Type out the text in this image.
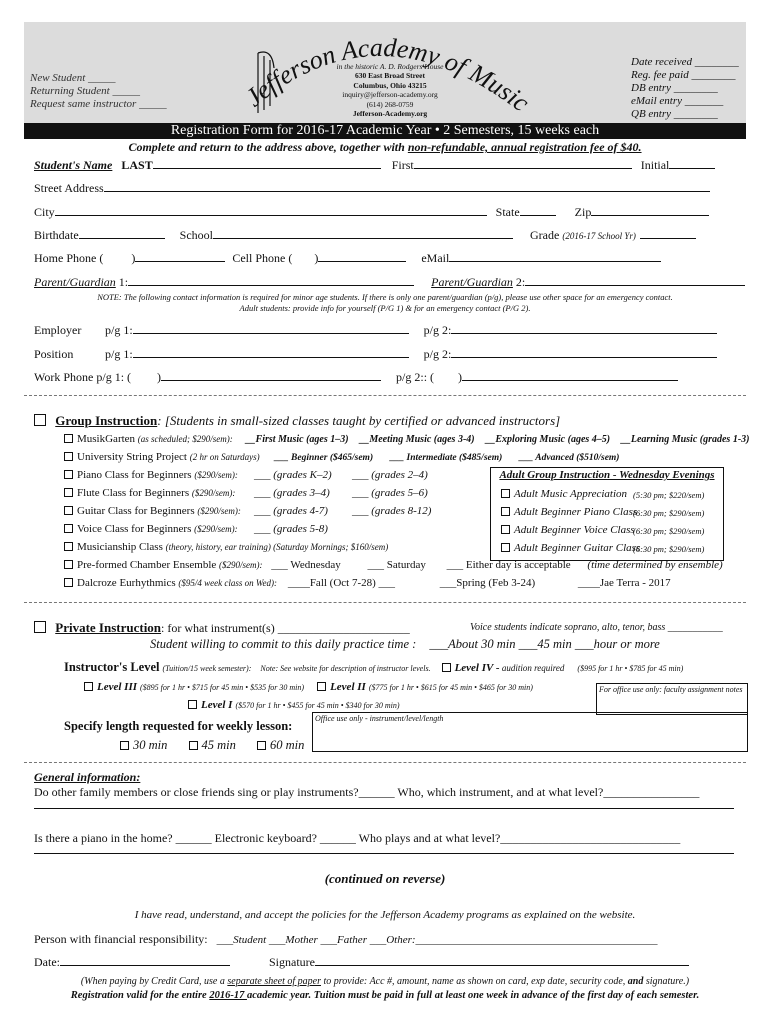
New Student _____
Returning Student _____
Request same instructor _____	Jefferson Academy of Music
in the historic A. D. Rodgers House
630 East Broad Street
Columbus, Ohio 43215
inquiry@jefferson-academy.org
(614) 268-0759
Jefferson-Academy.org
Date received ________
Reg. fee paid ________
DB entry ________
eMail entry _______
QB entry ________
Registration Form for 2016-17 Academic Year • 2 Semesters, 15 weeks each
Complete and return to the address above, together with non-refundable, annual registration fee of $40.
Student's Name LAST	First	Initial
Street Address
City	State	Zip
Birthdate	School	Grade (2016-17 School Yr)
Home Phone ( )	Cell Phone ( )	eMail
Parent/Guardian 1:	Parent/Guardian 2:
NOTE: The following contact information is required for minor age students. If there is only one parent/guardian (p/g), please use other space for an emergency contact.
Adult students: provide info for yourself (P/G 1) & for an emergency contact (P/G 2).
Employer p/g 1:	p/g 2:
Position	p/g 1:	p/g 2:
Work Phone p/g 1: ( )	p/g 2:: ( )
Group Instruction: [Students in small-sized classes taught by certified or advanced instructors]
MusikGarten (as scheduled; $290/sem): __First Music (ages 1–3) __Meeting Music (ages 3-4) __Exploring Music (ages 4–5) __Learning Music (grades 1-3)
University String Project (2 hr on Saturdays) ___ Beginner ($465/sem) ___ Intermediate ($485/sem) ___ Advanced ($510/sem)
Piano Class for Beginners ($290/sem): ___ (grades K–2) ___ (grades 2–4)
Flute Class for Beginners ($290/sem): ___ (grades 3–4) ___ (grades 5–6)
Guitar Class for Beginners ($290/sem): ___ (grades 4-7) ___ (grades 8-12)
Voice Class for Beginners ($290/sem): ___ (grades 5-8)
Musicianship Class (theory, history, ear training) (Saturday Mornings; $160/sem)
Pre-formed Chamber Ensemble ($290/sem): ___ Wednesday ___ Saturday ___ Either day is acceptable (time determined by ensemble)
Dalcroze Eurhythmics ($95/4 week class on Wed): ____Fall (Oct 7-28) ___	___Spring (Feb 3-24)	____Jae Terra - 2017
Adult Group Instruction - Wednesday Evenings
Adult Music Appreciation (5:30 pm; $220/sem)
Adult Beginner Piano Class
(6:30 pm; $290/sem)
Adult Beginner Voice Class
(6:30 pm; $290/sem)
Adult Beginner Guitar Class
(6:30 pm; $290/sem)
Private Instruction: for what instrument(s) ______________________	Voice students indicate soprano, alto, tenor, bass ___________
Student willing to commit to this daily practice time : ___About 30 min ___45 min ___hour or more
Instructor's Level (Tuition/15 week semester): Note: See website for description of instructor levels. Level IV - audition required ($995 for 1 hr • $785 for 45 min)
Level III ($895 for 1 hr • $715 for 45 min • $535 for 30 min) Level II ($775 for 1 hr • $615 for 45 min • $465 for 30 min)
Level I ($570 for 1 hr • $455 for 45 min • $340 for 30 min)
For office use only: faculty assignment notes
Office use only - instrument/level/length
Specify length requested for weekly lesson:
30 min	45 min	60 min
General information:
Do other family members or close friends sing or play instruments?______ Who, which instrument, and at what level?________________
Is there a piano in the home? ______ Electronic keyboard? ______ Who plays and at what level?______________________________
(continued on reverse)
I have read, understand, and accept the policies for the Jefferson Academy programs as explained on the website.
Person with financial responsibility: ___Student ___Mother ___Father ___Other:____________________________________________
Date:	Signature
(When paying by Credit Card, use a separate sheet of paper to provide: Acc #, amount, name as shown on card, exp date, security code, and signature.)
Registration valid for the entire 2016-17 academic year. Tuition must be paid in full at least one week in advance of the first day of each semester.
